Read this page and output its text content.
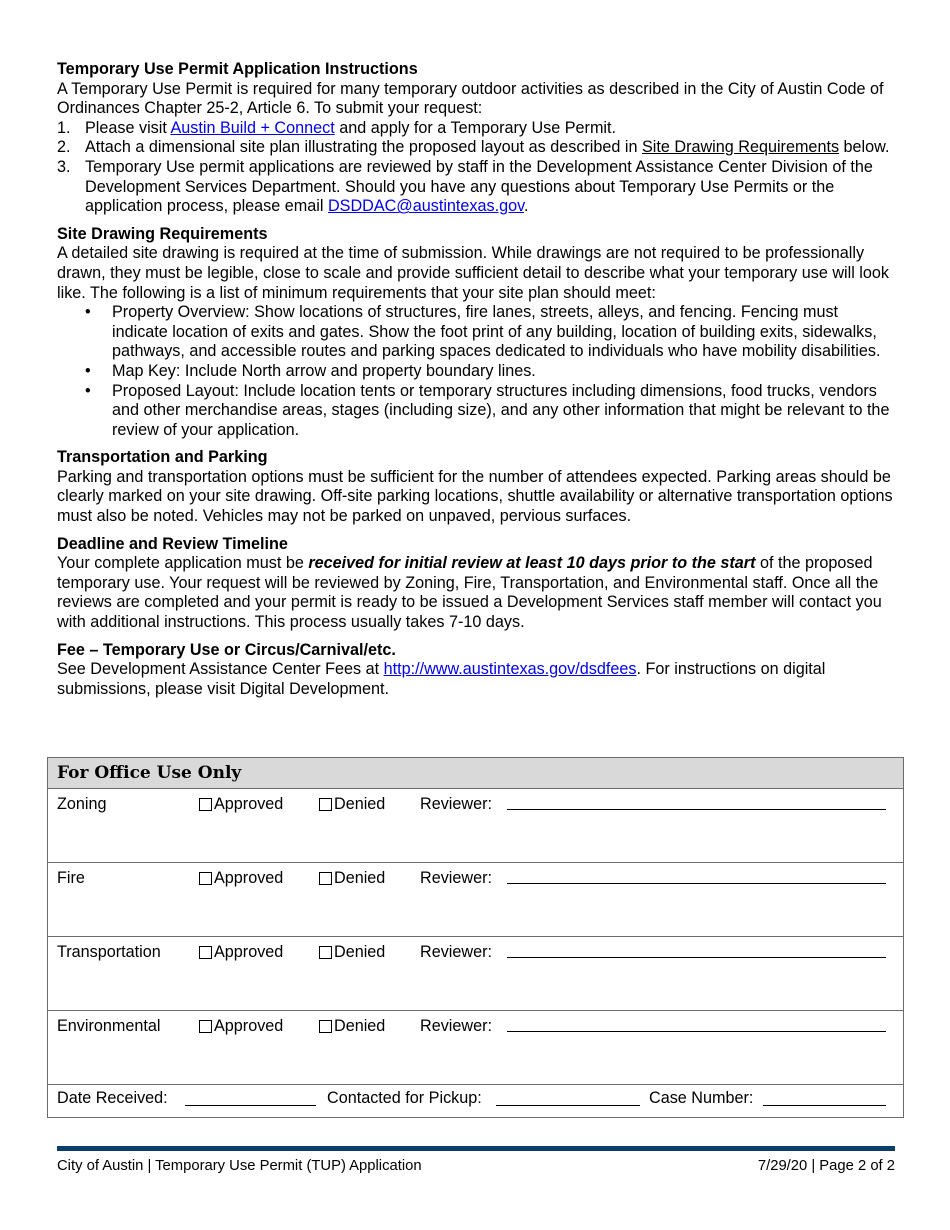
Temporary Use Permit Application Instructions

A Temporary Use Permit is required for many temporary outdoor activities as described in the City of Austin Code of Ordinances Chapter 25-2, Article 6. To submit your request:

1. Please visit Austin Build + Connect and apply for a Temporary Use Permit.
2. Attach a dimensional site plan illustrating the proposed layout as described in Site Drawing Requirements below.
3. Temporary Use permit applications are reviewed by staff in the Development Assistance Center Division of the Development Services Department. Should you have any questions about Temporary Use Permits or the application process, please email DSDDAC@austintexas.gov.
Site Drawing Requirements

A detailed site drawing is required at the time of submission. While drawings are not required to be professionally drawn, they must be legible, close to scale and provide sufficient detail to describe what your temporary use will look like. The following is a list of minimum requirements that your site plan should meet:

• Property Overview: Show locations of structures, fire lanes, streets, alleys, and fencing. Fencing must indicate location of exits and gates. Show the foot print of any building, location of building exits, sidewalks, pathways, and accessible routes and parking spaces dedicated to individuals who have mobility disabilities.
• Map Key: Include North arrow and property boundary lines.
• Proposed Layout: Include location tents or temporary structures including dimensions, food trucks, vendors and other merchandise areas, stages (including size), and any other information that might be relevant to the review of your application.
Transportation and Parking

Parking and transportation options must be sufficient for the number of attendees expected. Parking areas should be clearly marked on your site drawing. Off-site parking locations, shuttle availability or alternative transportation options must also be noted. Vehicles may not be parked on unpaved, pervious surfaces.

Deadline and Review Timeline

Your complete application must be received for initial review at least 10 days prior to the start of the proposed temporary use. Your request will be reviewed by Zoning, Fire, Transportation, and Environmental staff. Once all the reviews are completed and your permit is ready to be issued a Development Services staff member will contact you with additional instructions. This process usually takes 7-10 days.

Fee – Temporary Use or Circus/Carnival/etc.

See Development Assistance Center Fees at http://www.austintexas.gov/dsdfees. For instructions on digital submissions, please visit Digital Development.

For Office Use Only
Zoning	Approved	Denied Reviewer:
Fire	Approved	Denied Reviewer:
Transportation	Approved	Denied Reviewer:
Environmental	Approved	Denied Reviewer:
Date Received:	Contacted for Pickup:	Case Number:
City of Austin | Temporary Use Permit (TUP) Application	7/29/20 | Page 2 of 2
